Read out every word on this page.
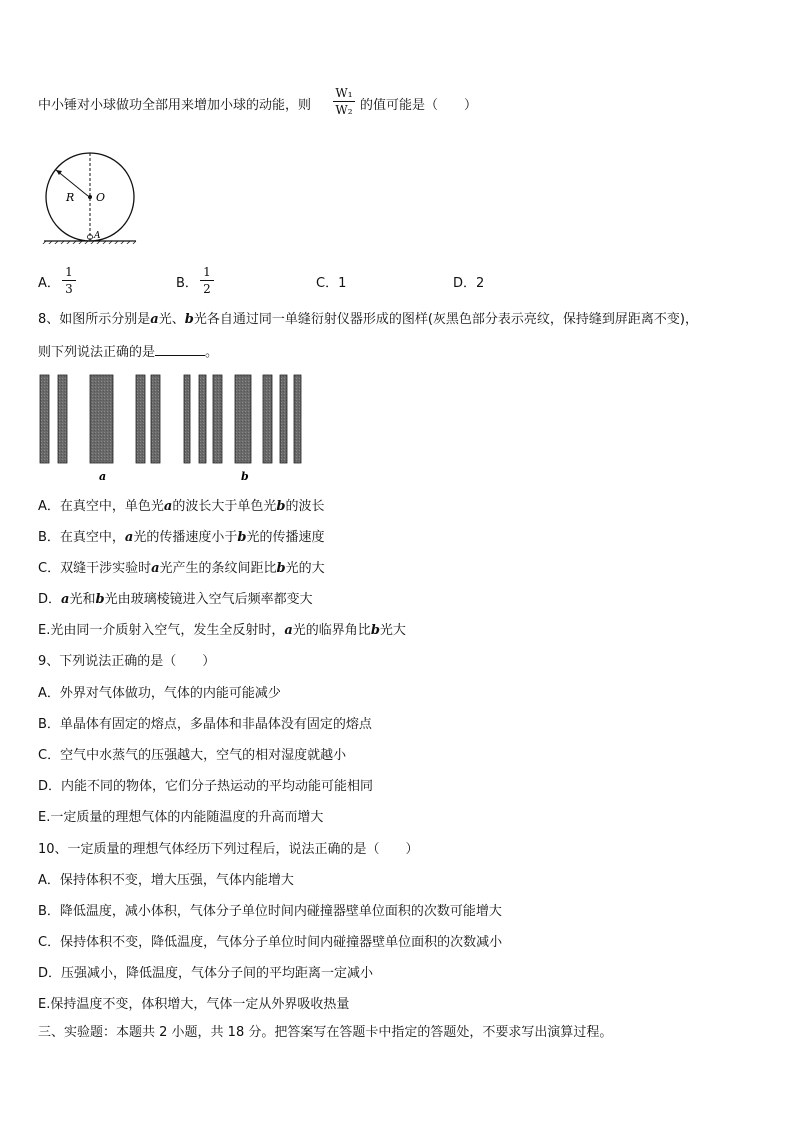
中小锤对小球做功全部用来增加小球的动能，则
W₁
W₂ 的值可能是（　　）
R O
A
A．
1
3	B．
1
2	C．1	D．2
8、如图所示分别是a光、b光各自通过同一单缝衍射仪器形成的图样(灰黑色部分表示亮纹，保持缝到屏距离不变)，
则下列说法正确的是	。
a	b
A．在真空中，单色光a的波长大于单色光b的波长
B．在真空中，a光的传播速度小于b光的传播速度
C．双缝干涉实验时a光产生的条纹间距比b光的大
D．a光和b光由玻璃棱镜进入空气后频率都变大
E.光由同一介质射入空气，发生全反射时，a光的临界角比b光大
9、下列说法正确的是（　　）
A．外界对气体做功，气体的内能可能减少
B．单晶体有固定的熔点，多晶体和非晶体没有固定的熔点
C．空气中水蒸气的压强越大，空气的相对湿度就越小
D．内能不同的物体，它们分子热运动的平均动能可能相同
E.一定质量的理想气体的内能随温度的升高而增大
10、一定质量的理想气体经历下列过程后，说法正确的是（　　）
A．保持体积不变，增大压强，气体内能增大
B．降低温度，减小体积，气体分子单位时间内碰撞器壁单位面积的次数可能增大
C．保持体积不变，降低温度，气体分子单位时间内碰撞器壁单位面积的次数减小
D．压强减小，降低温度，气体分子间的平均距离一定减小
E.保持温度不变，体积增大，气体一定从外界吸收热量
三、实验题：本题共 2 小题，共 18 分。把答案写在答题卡中指定的答题处，不要求写出演算过程。
